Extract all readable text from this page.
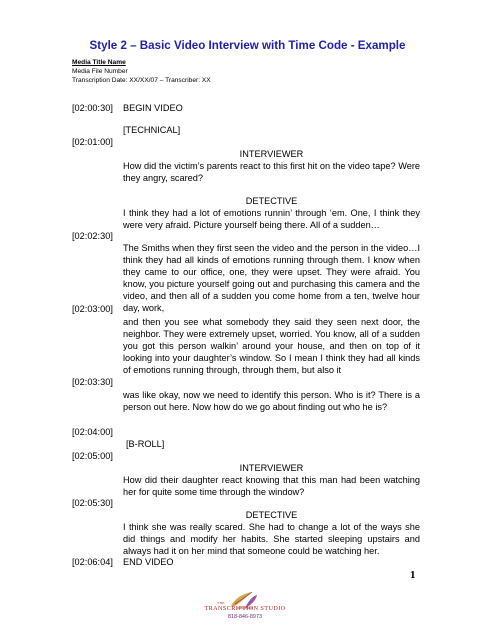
Style 2 – Basic Video Interview with Time Code - Example
Media Title Name
Media File Number
Transcription Date: XX/XX/07 – Transcriber: XX
[02:00:30] BEGIN VIDEO
[TECHNICAL]
[02:01:00]
INTERVIEWER
How did the victim’s parents react to this first hit on the video tape? Were they angry, scared?
DETECTIVE
I think they had a lot of emotions runnin’ through ‘em. One, I think they were very afraid. Picture yourself being there. All of a sudden…
[02:02:30]
The Smiths when they first seen the video and the person in the video…I think they had all kinds of emotions running through them. I know when they came to our office, one, they were upset. They were afraid. You know, you picture yourself going out and purchasing this camera and the video, and then all of a sudden you come home from a ten, twelve hour day, work,
[02:03:00]
and then you see what somebody they said they seen next door, the neighbor. They were extremely upset, worried. You know, all of a sudden you got this person walkin’ around your house, and then on top of it looking into your daughter’s window. So I mean I think they had all kinds of emotions running through, through them, but also it
[02:03:30]
was like okay, now we need to identify this person. Who is it? There is a person out here. Now how do we go about finding out who he is?
[02:04:00]
[B-ROLL]
[02:05:00]
INTERVIEWER
How did their daughter react knowing that this man had been watching her for quite some time through the window?
[02:05:30]
DETECTIVE
I think she was really scared. She had to change a lot of the ways she did things and modify her habits. She started sleeping upstairs and always had it on her mind that someone could be watching her.
[02:06:04] END VIDEO
1
THE
TRANSCRIPTION STUDIO
818-846-8973
